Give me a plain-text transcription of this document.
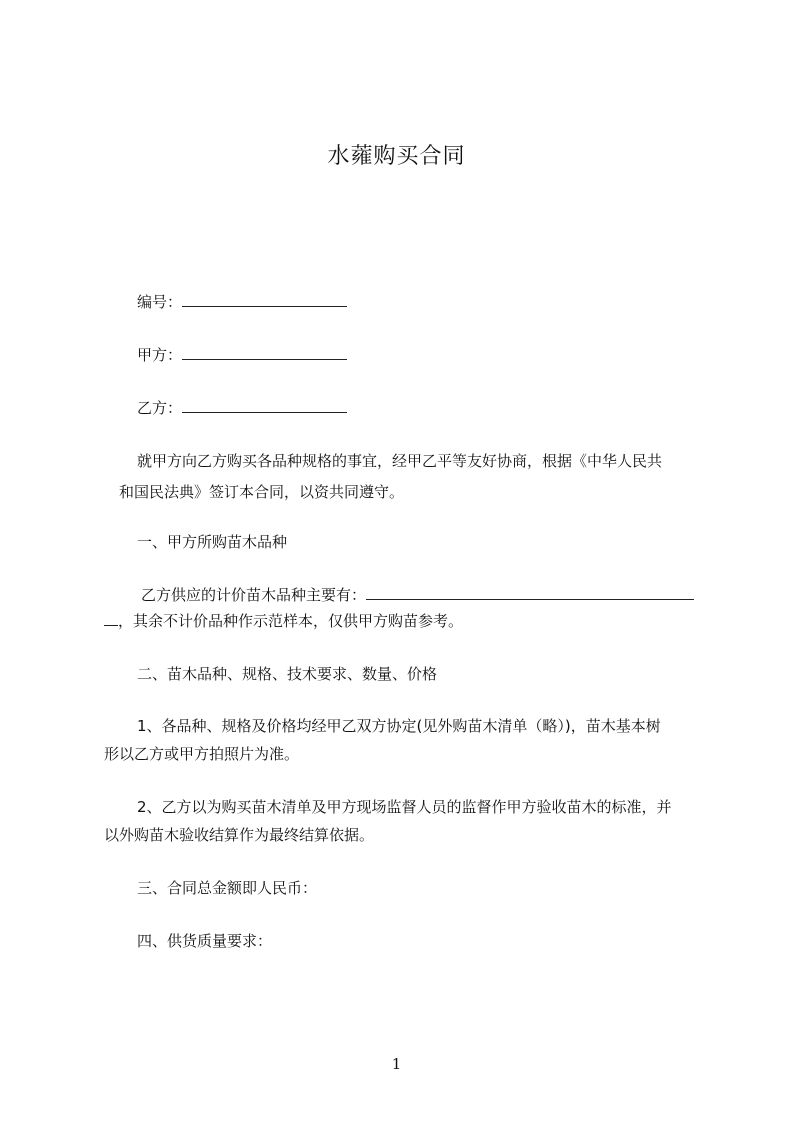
水蕹购买合同
编号：
甲方：
乙方：
就甲方向乙方购买各品种规格的事宜，经甲乙平等友好协商，根据《中华人民共
和国民法典》签订本合同，以资共同遵守。
一、甲方所购苗木品种
乙方供应的计价苗木品种主要有：
，其余不计价品种作示范样本，仅供甲方购苗参考。
二、苗木品种、规格、技术要求、数量、价格
1、各品种、规格及价格均经甲乙双方协定(见外购苗木清单（略）)，苗木基本树
形以乙方或甲方拍照片为准。
2、乙方以为购买苗木清单及甲方现场监督人员的监督作甲方验收苗木的标准，并
以外购苗木验收结算作为最终结算依据。
三、合同总金额即人民币：
四、供货质量要求：
1
